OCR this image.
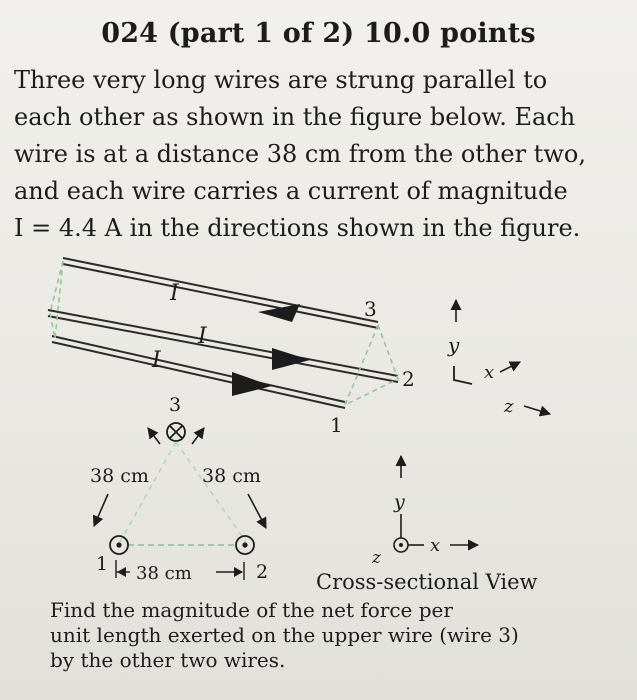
024 (part 1 of 2) 10.0 points
Three very long wires are strung parallel to
each other as shown in the figure below. Each
wire is at a distance 38 cm from the other two,
and each wire carries a current of magnitude
I = 4.4 A in the directions shown in the figure.
I
I
I
3
2
1
y
x
z
3
38 cm	38 cm
1	2
38 cm
y
x
z
Cross-sectional View
Find the magnitude of the net force per
unit length exerted on the upper wire (wire 3)
by the other two wires.
